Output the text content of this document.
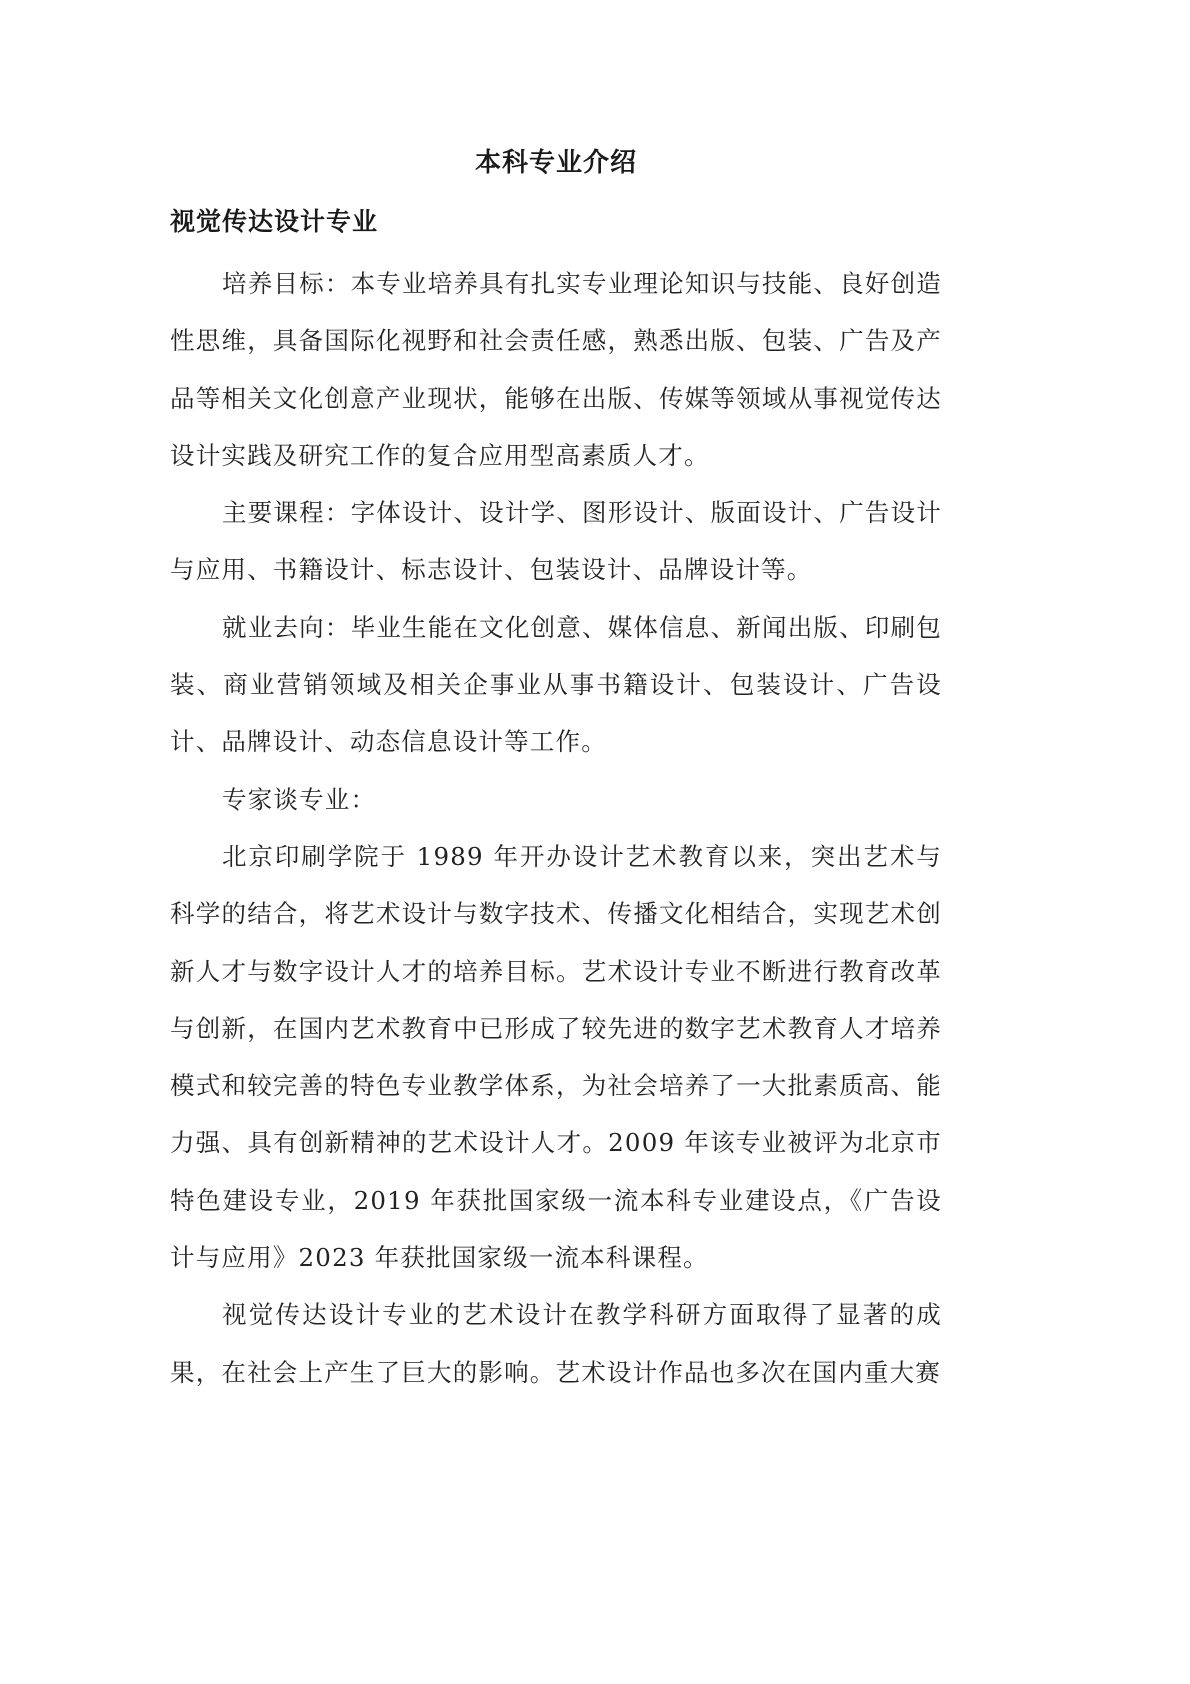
本科专业介绍
视觉传达设计专业

培养目标：本专业培养具有扎实专业理论知识与技能、良好创造性思维，具备国际化视野和社会责任感，熟悉出版、包装、广告及产品等相关文化创意产业现状，能够在出版、传媒等领域从事视觉传达设计实践及研究工作的复合应用型高素质人才。

主要课程：字体设计、设计学、图形设计、版面设计、广告设计与应用、书籍设计、标志设计、包装设计、品牌设计等。

就业去向：毕业生能在文化创意、媒体信息、新闻出版、印刷包装、商业营销领域及相关企事业从事书籍设计、包装设计、广告设计、品牌设计、动态信息设计等工作。

专家谈专业：

北京印刷学院于 1989 年开办设计艺术教育以来，突出艺术与科学的结合，将艺术设计与数字技术、传播文化相结合，实现艺术创新人才与数字设计人才的培养目标。艺术设计专业不断进行教育改革与创新，在国内艺术教育中已形成了较先进的数字艺术教育人才培养模式和较完善的特色专业教学体系，为社会培养了一大批素质高、能力强、具有创新精神的艺术设计人才。2009 年该专业被评为北京市特色建设专业，2019 年获批国家级一流本科专业建设点，《广告设计与应用》2023 年获批国家级一流本科课程。

视觉传达设计专业的艺术设计在教学科研方面取得了显著的成果，在社会上产生了巨大的影响。艺术设计作品也多次在国内重大赛
